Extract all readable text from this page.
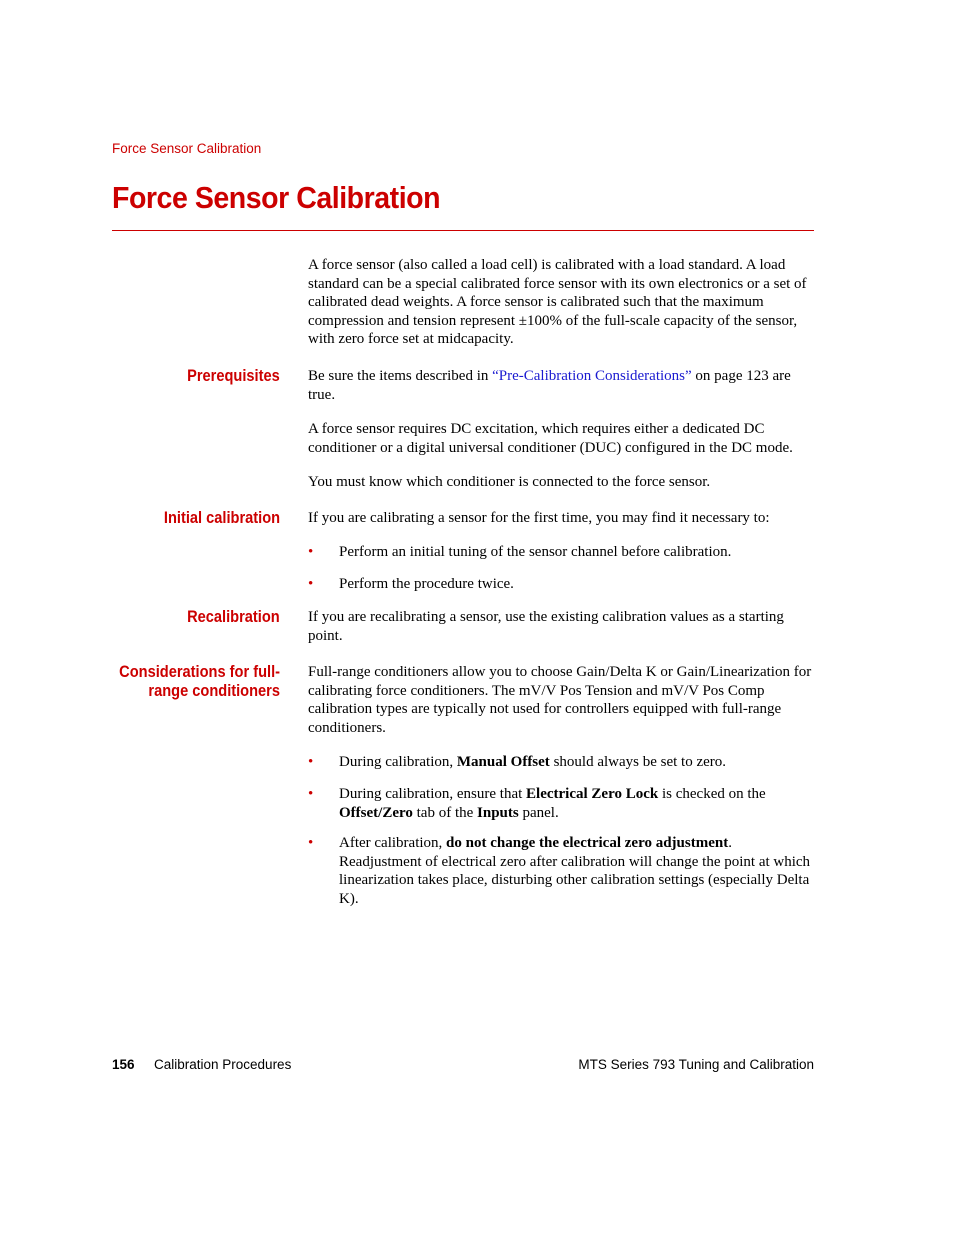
Force Sensor Calibration
Force Sensor Calibration

A force sensor (also called a load cell) is calibrated with a load standard. A load standard can be a special calibrated force sensor with its own electronics or a set of calibrated dead weights. A force sensor is calibrated such that the maximum compression and tension represent ±100% of the full-scale capacity of the sensor, with zero force set at midcapacity.

Prerequisites Be sure the items described in “Pre-Calibration Considerations” on page 123 are true.

A force sensor requires DC excitation, which requires either a dedicated DC conditioner or a digital universal conditioner (DUC) configured in the DC mode.

You must know which conditioner is connected to the force sensor.

Initial calibration If you are calibrating a sensor for the first time, you may find it necessary to:

• Perform an initial tuning of the sensor channel before calibration.
• Perform the procedure twice.
Recalibration If you are recalibrating a sensor, use the existing calibration values as a starting point.

Considerations for full-
range conditioners

Full-range conditioners allow you to choose Gain/Delta K or Gain/Linearization for calibrating force conditioners. The mV/V Pos Tension and mV/V Pos Comp calibration types are typically not used for controllers equipped with full-range conditioners.

• During calibration, Manual Offset should always be set to zero.
• During calibration, ensure that Electrical Zero Lock is checked on the Offset/Zero tab of the Inputs panel.
• After calibration, do not change the electrical zero adjustment. Readjustment of electrical zero after calibration will change the point at which linearization takes place, disturbing other calibration settings (especially Delta K).
156 Calibration Procedures	MTS Series 793 Tuning and Calibration
